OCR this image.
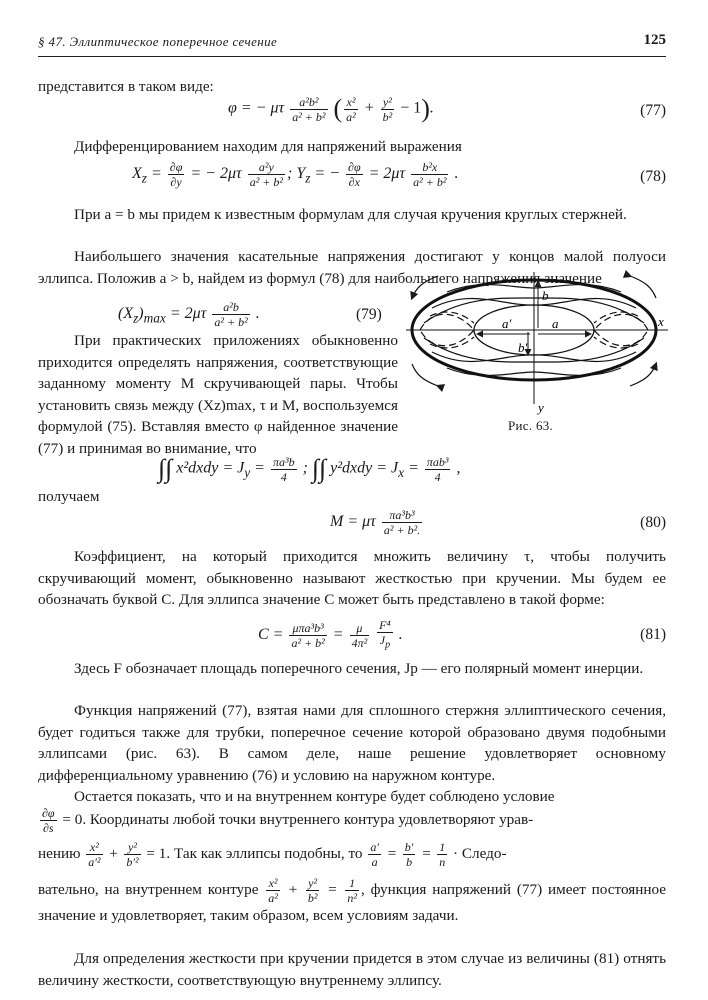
§ 47. Эллиптическое поперечное сечение	125

представится в таком виде:

φ = − μτ $\frac{\text{a²b²}}{\text{a² + b²}}$ ( $\frac{\text{x²}}{\text{a²}} + \frac{\text{y²}}{\text{b²}} - 1$).	(77)

Дифференцированием находим для напряжений выражения

$X_z = \frac{\partial\varphi}{\partial y}$ = − $2\mu\tau \frac{\text{a²y}}{\text{a² + b²}}$ ; $Y_z$ = − $\frac{\partial\varphi}{\partial x} = 2\mu\tau \frac{\text{b²x}}{\text{a² + b²}}$ .	(78)

При a = b мы придем к известным формулам для случая кручения круглых стержней.

Наибольшего значения касательные напряжения достигают у концов малой полуоси эллипса. Положив a > b, найдем из формул (78) для наибольшего напряжения значение

$(X_z)_{max} = 2\mu\tau \frac{\text{a²b}}{\text{a² + b²}}$ .	(79)
b
b′
a′	a	x
y
Рис. 63.

При практических приложениях обыкновенно приходится определять напряжения, соответствующие заданному моменту M скручивающей пары. Чтобы установить связь между (Xz)max, τ и M, воспользуемся формулой (75). Вставляя вместо φ найденное значение (77) и принимая во внимание, что

∫∫ x²dxdy = $J_y = \frac{\text{πa³b}}{4}$ ; ∫∫ y²dxdy = $J_x = \frac{\text{πab³}}{4}$ ,

получаем

M = μτ $\frac{\text{πa³b³}}{\text{a² + b².}}$	(80)

Коэффициент, на который приходится множить величину τ, чтобы получить скручивающий момент, обыкновенно называют жесткостью при кручении. Мы будем ее обозначать буквой C. Для эллипса значение C может быть представлено в такой форме:

$C = \frac{\text{μπa³b³}}{\text{a² + b²}} = \frac{\mu}{\text{4π²}}$
$\frac{\text{F⁴}}{J_p}$ .	(81)

Здесь F обозначает площадь поперечного сечения, Jp — его полярный момент инерции.

Функция напряжений (77), взятая нами для сплошного стержня эллиптического сечения, будет годиться также для трубки, поперечное сечение которой образовано двумя подобными эллипсами (рис. 63). В самом деле, наше решение удовлетворяет основному дифференциальному уравнению (76) и условию на наружном контуре.

Остается показать, что и на внутреннем контуре будет соблюдено условие

$\frac{\partial\varphi}{\partial s} = 0$. Координаты любой точки внутреннего контура удовлетворяют урав-
нению $\frac{\text{x²}}{\text{a′²}} + \frac{\text{y²}}{\text{b′²}} = 1$. Так как эллипсы подобны, то $\frac{a'}{a} = \frac{b'}{b} = \frac{1}{n}$ · Следо-
вательно, на внутреннем контуре $\frac{\text{x²}}{\text{a²}} + \frac{\text{y²}}{\text{b²}} = \frac{1}{\text{n²}}$ , функция напряжений (77) имеет постоянное значение и удовлетворяет, таким образом, всем условиям задачи.

Для определения жесткости при кручении придется в этом случае из величины (81) отнять величину жесткости, соответствующую внутреннему эллипсу.
